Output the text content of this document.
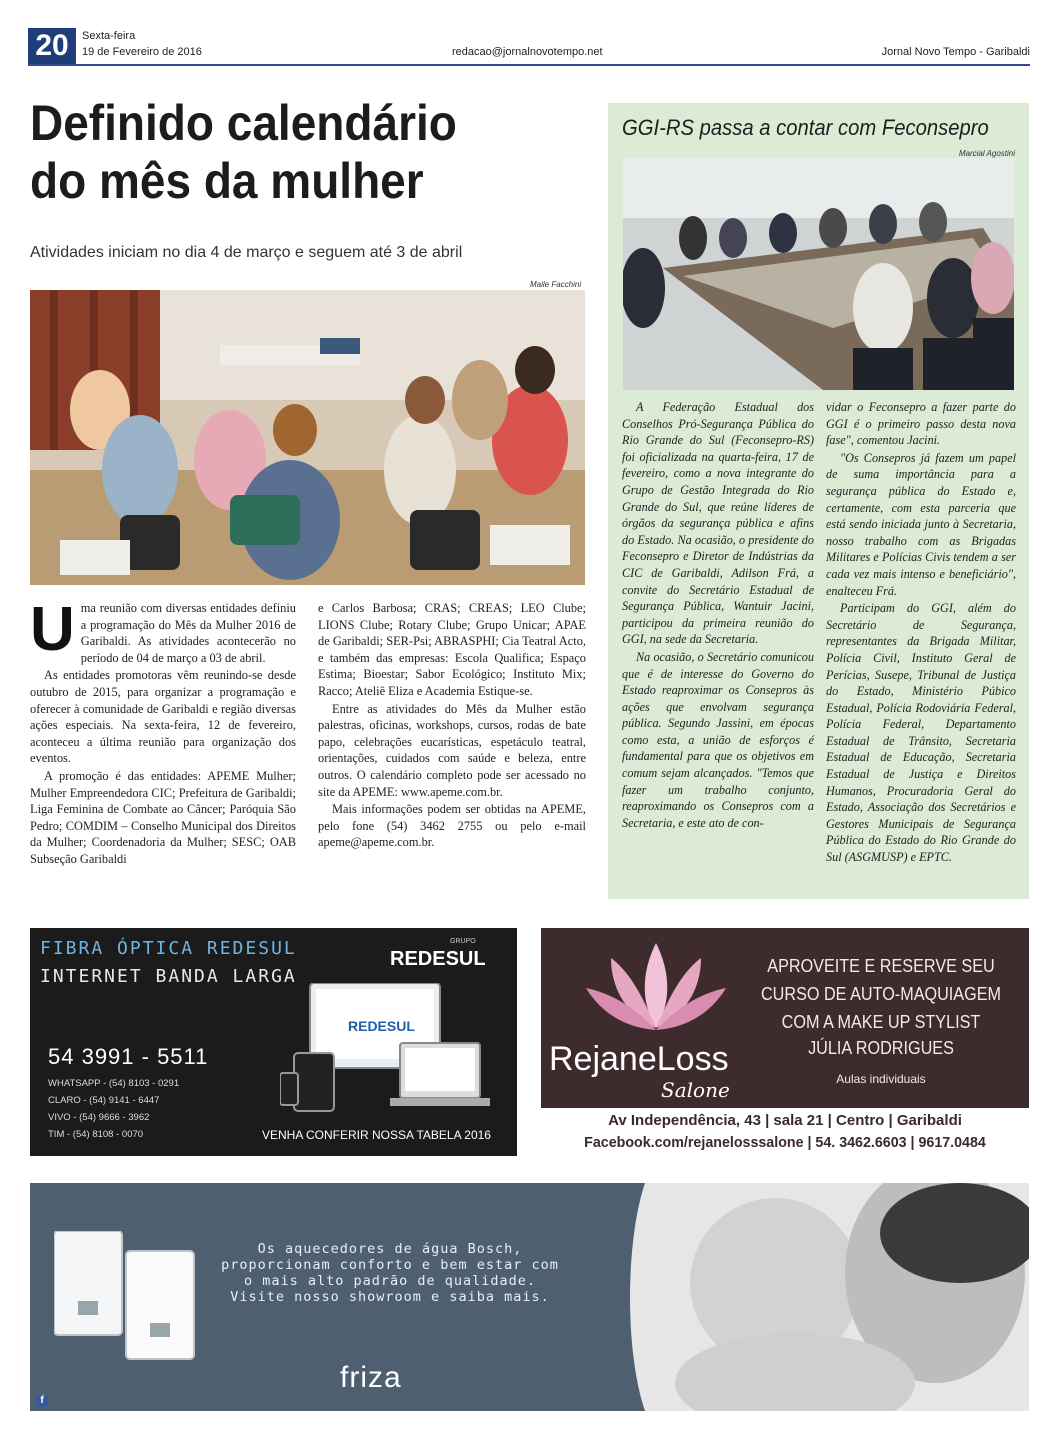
20	Sexta-feira
19 de Fevereiro de 2016	redacao@jornalnovotempo.net	Jornal Novo Tempo - Garibaldi
Definido calendário
do mês da mulher
Atividades iniciam no dia 4 de março e seguem até 3 de abril
Maile Facchini

Uma reunião com diversas entidades definiu a programação do Mês da Mulher 2016 de Garibaldi. As atividades acontecerão no período de 04 de março a 03 de abril.

As entidades promotoras vêm reunindo-se desde outubro de 2015, para organizar a programação e oferecer à comunidade de Garibaldi e região diversas ações especiais. Na sexta-feira, 12 de fevereiro, aconteceu a última reunião para organização dos eventos.

A promoção é das entidades: APEME Mulher; Mulher Empreendedora CIC; Prefeitura de Garibaldi; Liga Feminina de Combate ao Câncer; Paróquia São Pedro; COMDIM – Conselho Municipal dos Direitos da Mulher; Coordenadoria da Mulher; SESC; OAB Subseção Garibaldi

e Carlos Barbosa; CRAS; CREAS; LEO Clube; LIONS Clube; Rotary Clube; Grupo Unicar; APAE de Garibaldi; SER-Psi; ABRASPHI; Cia Teatral Acto, e também das empresas: Escola Qualifica; Espaço Estima; Bioestar; Sabor Ecológico; Instituto Mix; Racco; Ateliê Eliza e Academia Estique-se.

Entre as atividades do Mês da Mulher estão palestras, oficinas, workshops, cursos, rodas de bate papo, celebrações eucarísticas, espetáculo teatral, orientações, cuidados com saúde e beleza, entre outros. O calendário completo pode ser acessado no site da APEME: www.apeme.com.br.

Mais informações podem ser obtidas na APEME, pelo fone (54) 3462 2755 ou pelo e-mail apeme@apeme.com.br.

GGI-RS passa a contar com Feconsepro
Marcial Agostini

A Federação Estadual dos Conselhos Pró-Segurança Pública do Rio Grande do Sul (Feconsepro-RS) foi oficializada na quarta-feira, 17 de fevereiro, como a nova integrante do Grupo de Gestão Integrada do Rio Grande do Sul, que reúne líderes de órgãos da segurança pública e afins do Estado. Na ocasião, o presidente do Feconsepro e Diretor de Indústrias da CIC de Garibaldi, Adilson Frá, a convite do Secretário Estadual de Segurança Pública, Wantuir Jacini, participou da primeira reunião do GGI, na sede da Secretaria.

Na ocasião, o Secretário comunicou que é de interesse do Governo do Estado reaproximar os Consepros às ações que envolvam segurança pública. Segundo Jassini, em épocas como esta, a união de esforços é fundamental para que os objetivos em comum sejam alcançados. "Temos que fazer um trabalho conjunto, reaproximando os Consepros com a Secretaria, e este ato de con-

vidar o Feconsepro a fazer parte do GGI é o primeiro passo desta nova fase", comentou Jacini.

"Os Consepros já fazem um papel de suma importância para a segurança pública do Estado e, certamente, com esta parceria que está sendo iniciada junto à Secretaria, nosso trabalho com as Brigadas Militares e Polícias Civis tendem a ser cada vez mais intenso e beneficiário", enalteceu Frá.

Participam do GGI, além do Secretário de Segurança, representantes da Brigada Militar, Polícia Civil, Instituto Geral de Perícias, Susepe, Tribunal de Justiça do Estado, Ministério Púbico Estadual, Polícia Rodoviária Federal, Polícia Federal, Departamento Estadual de Trânsito, Secretaria Estadual de Educação, Secretaria Estadual de Justiça e Direitos Humanos, Procuradoria Geral do Estado, Associação dos Secretários e Gestores Municipais de Segurança Pública do Estado do Rio Grande do Sul (ASGMUSP) e EPTC.

FIBRA ÓPTICA REDESUL
INTERNET BANDA LARGA
GRUPO
REDESUL
REDESUL
54 3991 - 5511
WHATSAPP - (54) 8103 - 0291
CLARO - (54) 9141 - 6447
VIVO - (54) 9666 - 3962
TIM - (54) 8108 - 0070	VENHA CONFERIR NOSSA TABELA 2016
APROVEITE E RESERVE SEU
CURSO DE AUTO-MAQUIAGEM
COM A MAKE UP STYLIST
JÚLIA RODRIGUES
Aulas individuais
RejaneLoss
Salone
Av Independência, 43 | sala 21 | Centro | Garibaldi
Facebook.com/rejanelosssalone | 54. 3462.6603 | 9617.0484
Os aquecedores de água Bosch, proporcionam conforto e bem estar com o mais alto padrão de qualidade. Visite nosso showroom e saiba mais.
friza
f
